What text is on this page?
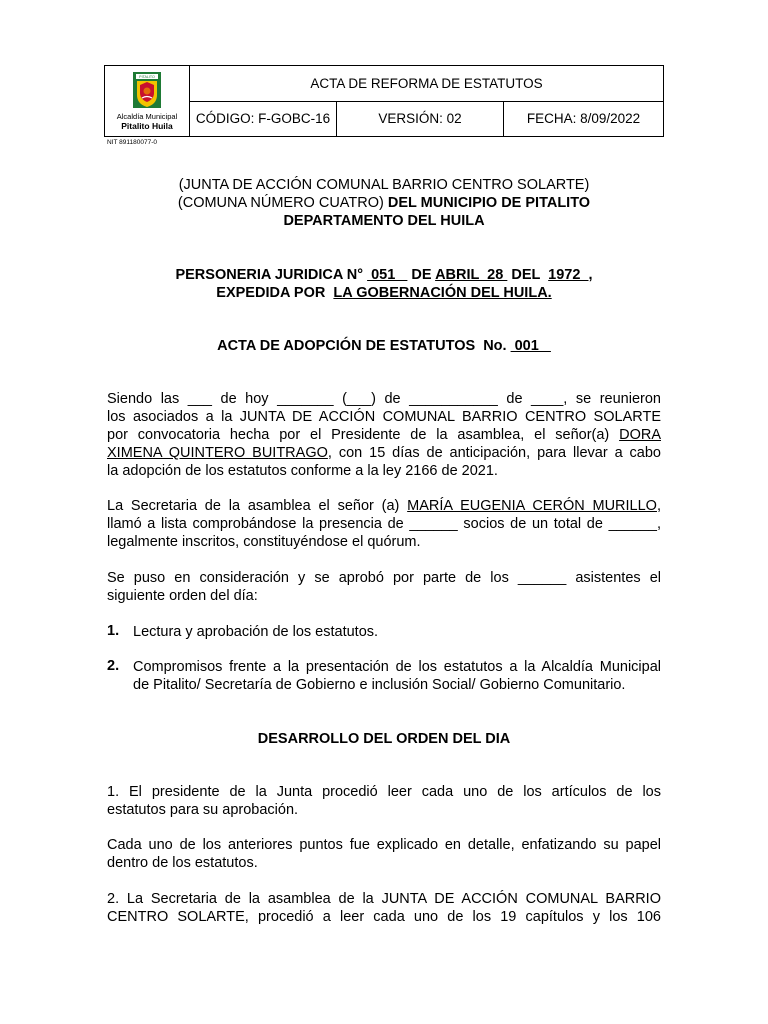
PITALITO
Alcaldía Municipal
Pitalito Huila	ACTA DE REFORMA DE ESTATUTOS		
	CÓDIGO: F-GOBC-16	VERSIÓN: 02	FECHA: 8/09/2022
NIT 891180077-0

(JUNTA DE ACCIÓN COMUNAL BARRIO CENTRO SOLARTE)

(COMUNA NÚMERO CUATRO) DEL MUNICIPIO DE PITALITO

DEPARTAMENTO DEL HUILA

PERSONERIA JURIDICA N°  051    DE ABRIL  28  DEL  1972  ,

EXPEDIDA POR  LA GOBERNACIÓN DEL HUILA.

ACTA DE ADOPCIÓN DE ESTATUTOS  No.  001

Siendo las ___ de hoy _______ (___) de ___________ de ____, se reunieron

los asociados a la JUNTA DE ACCIÓN COMUNAL BARRIO CENTRO SOLARTE

por convocatoria hecha por el Presidente de la asamblea, el señor(a) DORA

XIMENA QUINTERO BUITRAGO, con 15 días de anticipación, para llevar a cabo

la adopción de los estatutos conforme a la ley 2166 de 2021.

La Secretaria de la asamblea el señor (a) MARÍA EUGENIA CERÓN MURILLO,

llamó a lista comprobándose la presencia de ______ socios de un total de ______,

legalmente inscritos, constituyéndose el quórum.

Se puso en consideración y se aprobó por parte de los ______ asistentes el

siguiente orden del día:

1. Lectura y aprobación de los estatutos.

2. Compromisos frente a la presentación de los estatutos a la Alcaldía Municipal

de Pitalito/ Secretaría de Gobierno e inclusión Social/ Gobierno Comunitario.

DESARROLLO DEL ORDEN DEL DIA

1. El presidente de la Junta procedió leer cada uno de los artículos de los

estatutos para su aprobación.

Cada uno de los anteriores puntos fue explicado en detalle, enfatizando su papel

dentro de los estatutos.

2. La Secretaria de la asamblea de la JUNTA DE ACCIÓN COMUNAL BARRIO

CENTRO SOLARTE, procedió a leer cada uno de los 19 capítulos y los 106
